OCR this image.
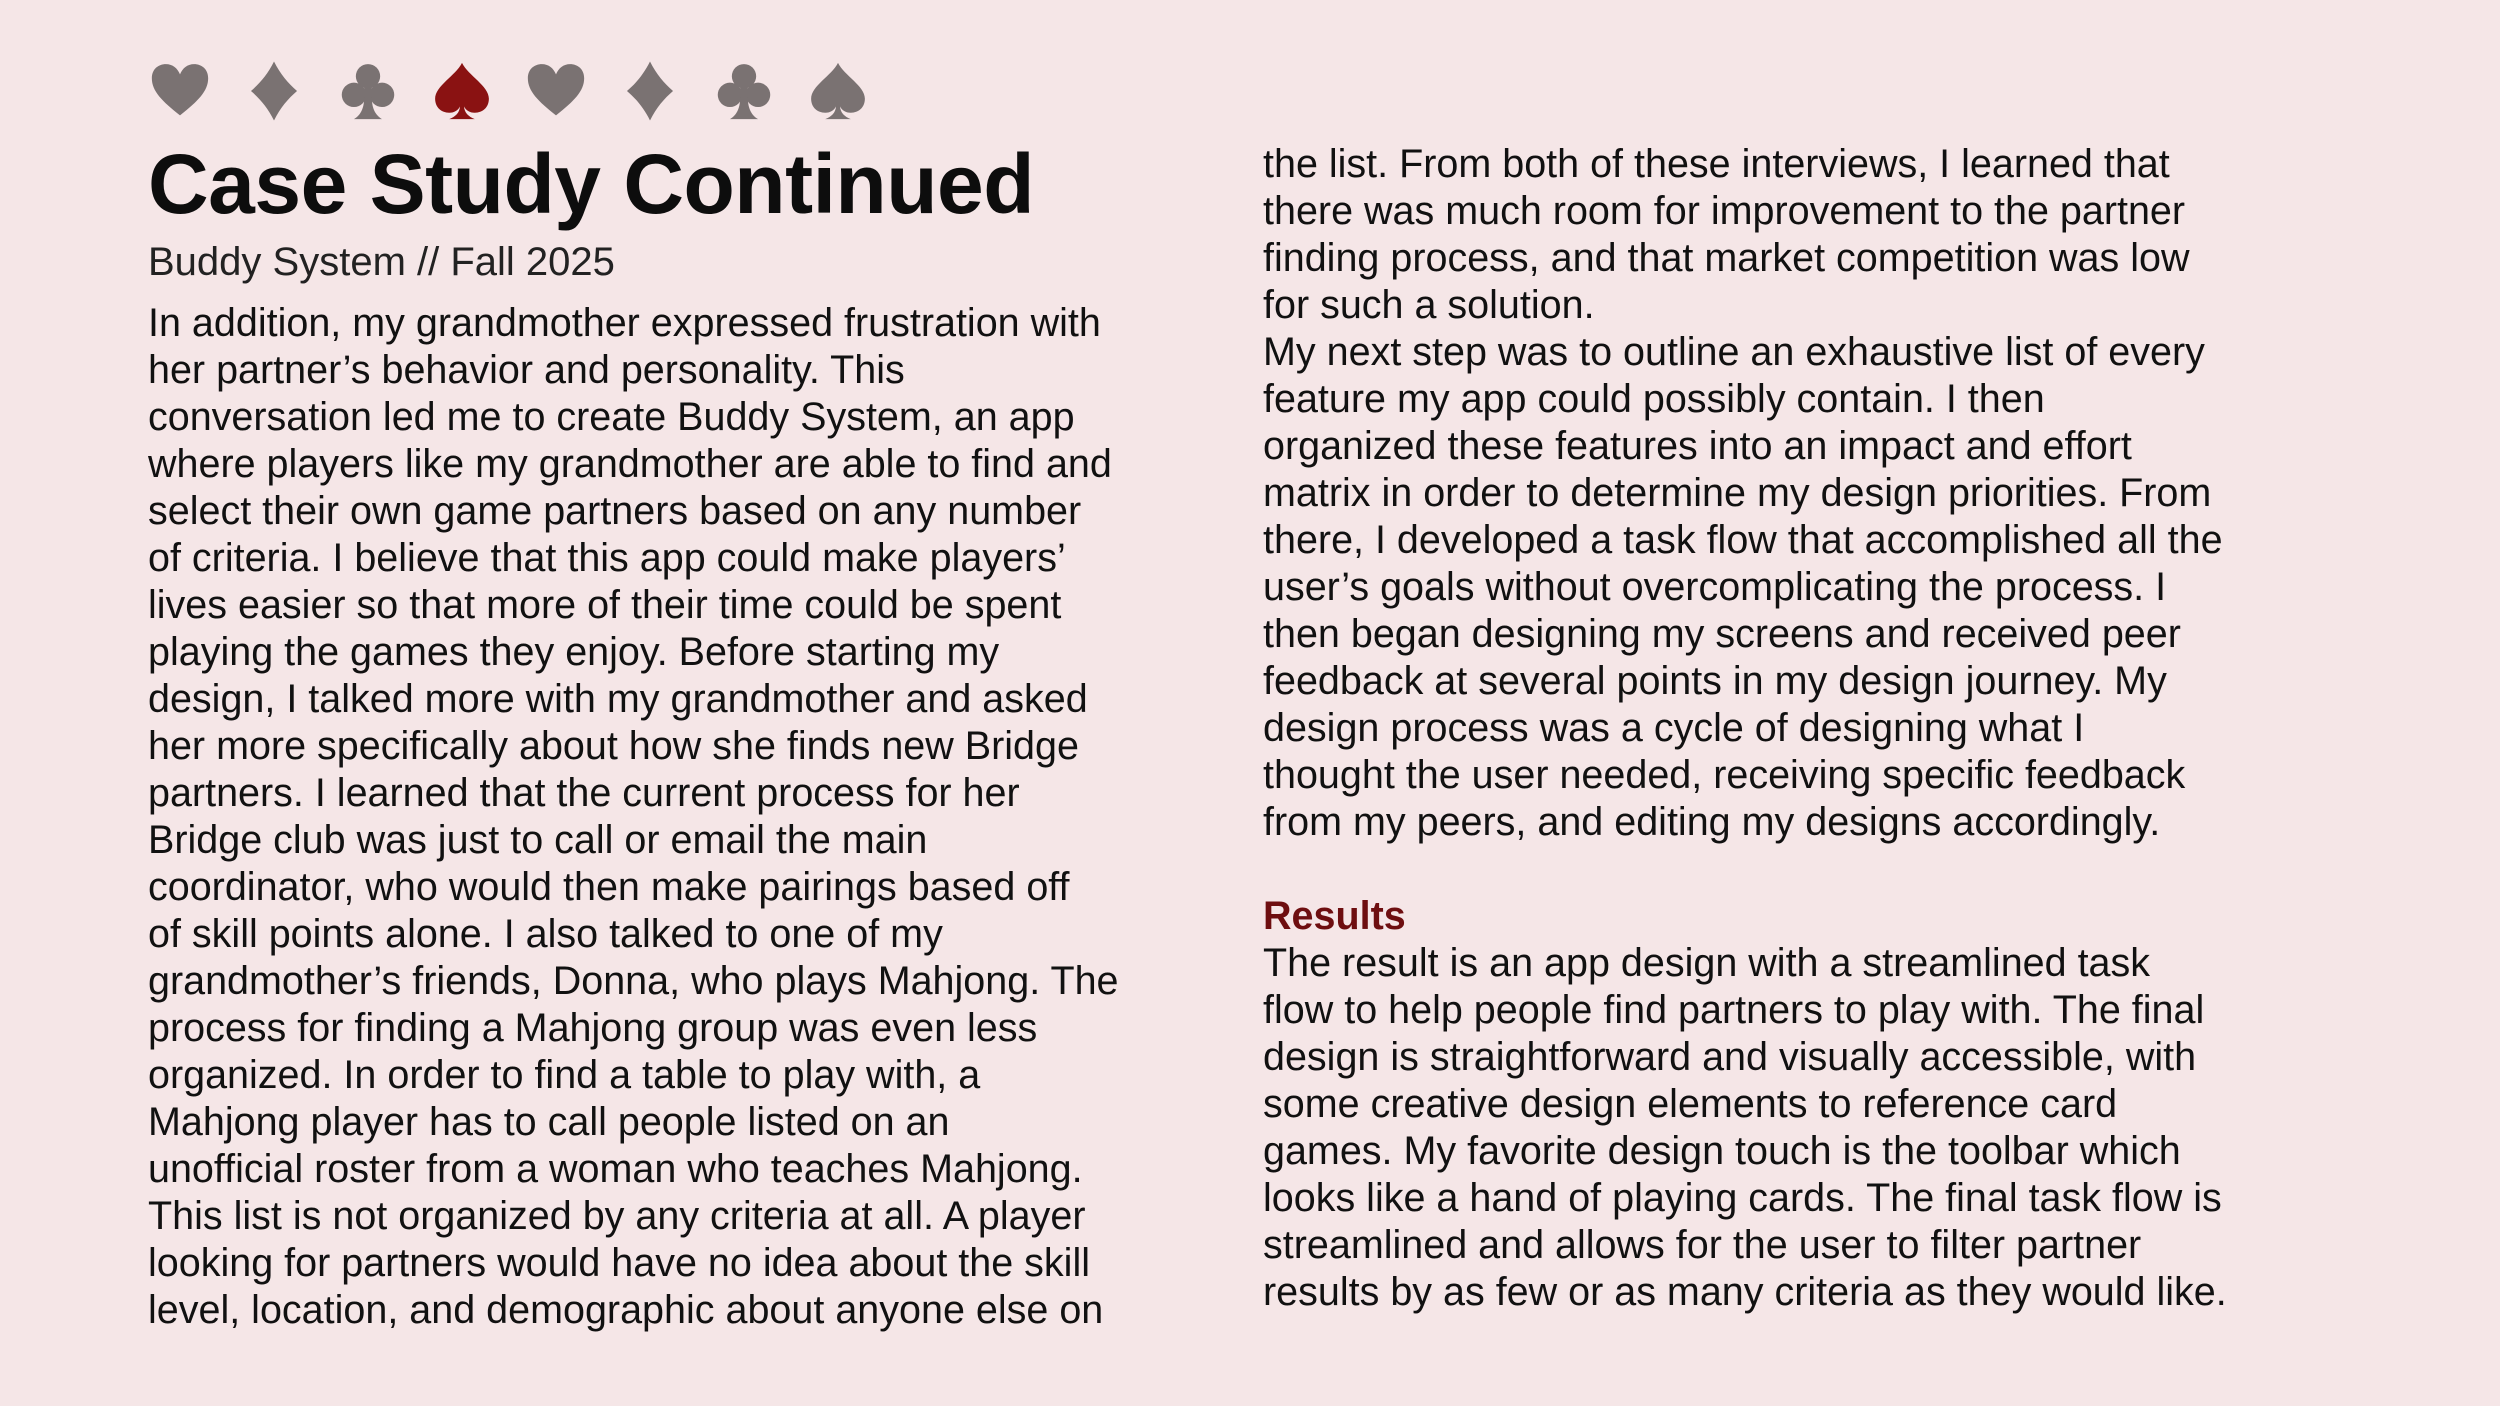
Case Study Continued
Buddy System // Fall 2025
In addition, my grandmother expressed frustration with
her partner’s behavior and personality. This
conversation led me to create Buddy System, an app
where players like my grandmother are able to find and
select their own game partners based on any number
of criteria. I believe that this app could make players’
lives easier so that more of their time could be spent
playing the games they enjoy. Before starting my
design, I talked more with my grandmother and asked
her more specifically about how she finds new Bridge
partners. I learned that the current process for her
Bridge club was just to call or email the main
coordinator, who would then make pairings based off
of skill points alone. I also talked to one of my
grandmother’s friends, Donna, who plays Mahjong. The
process for finding a Mahjong group was even less
organized. In order to find a table to play with, a
Mahjong player has to call people listed on an
unofficial roster from a woman who teaches Mahjong.
This list is not organized by any criteria at all. A player
looking for partners would have no idea about the skill
level, location, and demographic about anyone else on
the list. From both of these interviews, I learned that
there was much room for improvement to the partner
finding process, and that market competition was low
for such a solution.
My next step was to outline an exhaustive list of every
feature my app could possibly contain. I then
organized these features into an impact and effort
matrix in order to determine my design priorities. From
there, I developed a task flow that accomplished all the
user’s goals without overcomplicating the process. I
then began designing my screens and received peer
feedback at several points in my design journey. My
design process was a cycle of designing what I
thought the user needed, receiving specific feedback
from my peers, and editing my designs accordingly.
Results
The result is an app design with a streamlined task
flow to help people find partners to play with. The final
design is straightforward and visually accessible, with
some creative design elements to reference card
games. My favorite design touch is the toolbar which
looks like a hand of playing cards. The final task flow is
streamlined and allows for the user to filter partner
results by as few or as many criteria as they would like.
